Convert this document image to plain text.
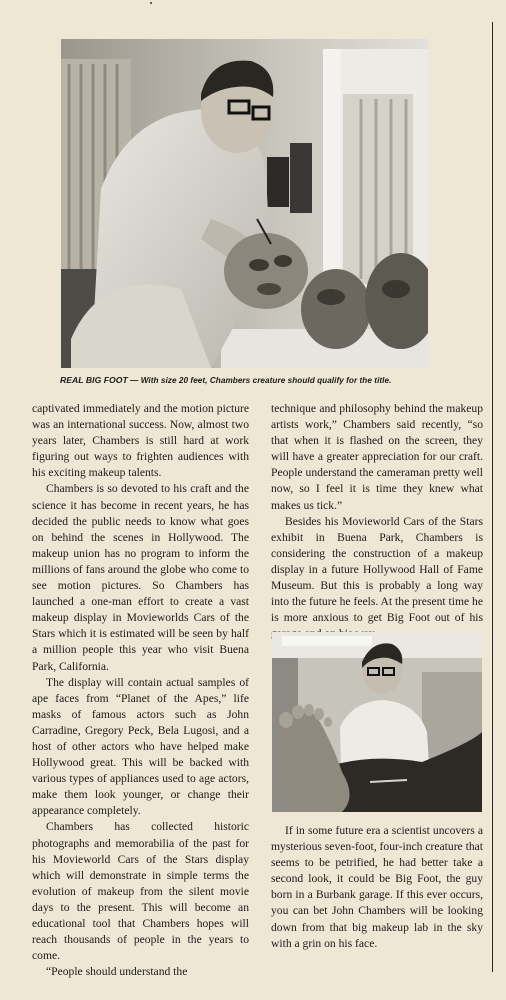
REAL BIG FOOT — With size 20 feet, Chambers creature should qualify for the title.

captivated immediately and the motion picture was an international success. Now, almost two years later, Chambers is still hard at work figuring out ways to frighten audiences with his exciting makeup talents.

Chambers is so devoted to his craft and the science it has become in recent years, he has decided the public needs to know what goes on behind the scenes in Hollywood. The makeup union has no program to inform the millions of fans around the globe who come to see motion pictures. So Chambers has launched a one-man effort to create a vast makeup display in Movieworlds Cars of the Stars which it is estimated will be seen by half a million people this year who visit Buena Park, California.

The display will contain actual samples of ape faces from “Planet of the Apes,” life masks of famous actors such as John Carradine, Gregory Peck, Bela Lugosi, and a host of other actors who have helped make Hollywood great. This will be backed with various types of appliances used to age actors, make them look younger, or change their appearance completely.

Chambers has collected historic photographs and memorabilia of the past for his Movieworld Cars of the Stars display which will demonstrate in simple terms the evolution of makeup from the silent movie days to the present. This will become an educational tool that Chambers hopes will reach thousands of people in the years to come.

“People should understand the

technique and philosophy behind the makeup artists work,” Chambers said recently, “so that when it is flashed on the screen, they will have a greater appreciation for our craft. People understand the cameraman pretty well now, so I feel it is time they knew what makes us tick.”

Besides his Movieworld Cars of the Stars exhibit in Buena Park, Chambers is considering the construction of a makeup display in a future Hollywood Hall of Fame Museum. But this is probably a long way into the future he feels. At the present time he is more anxious to get Big Foot out of his

If in some future era a scientist uncovers a mysterious seven-foot, four-inch creature that seems to be petrified, he had better take a second look, it could be Big Foot, the guy born in a Burbank garage. If this ever occurs, you can bet John Chambers will be looking down from that big makeup lab in the sky with a grin on his face.
